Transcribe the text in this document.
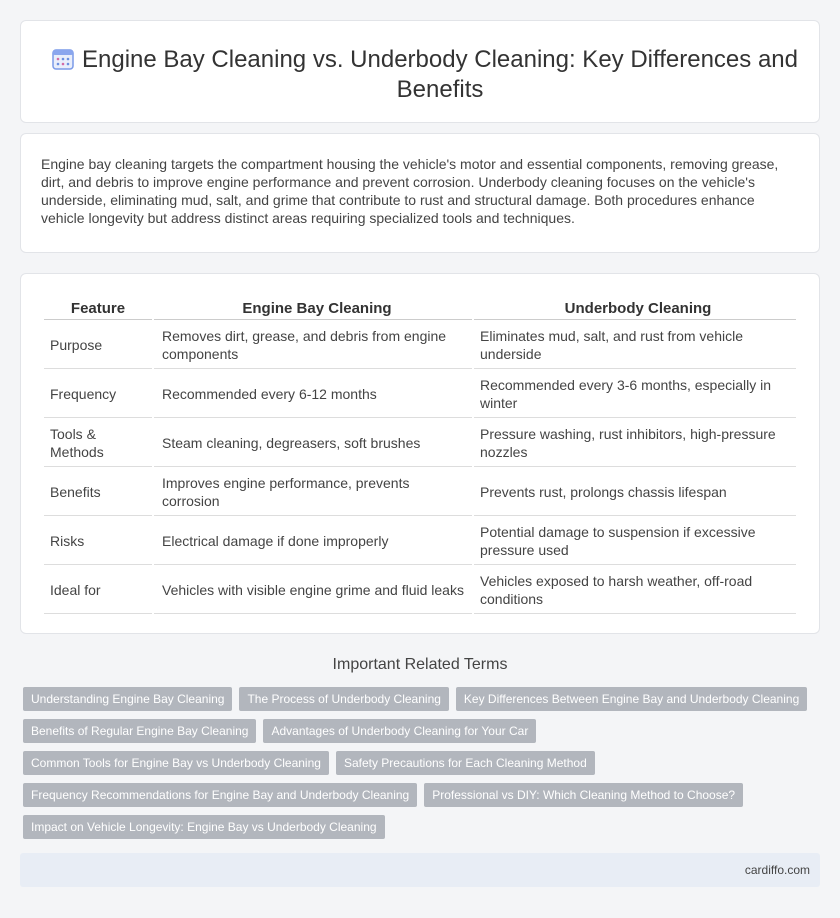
Engine Bay Cleaning vs. Underbody Cleaning: Key Differences and Benefits

Engine bay cleaning targets the compartment housing the vehicle's motor and essential components, removing grease, dirt, and debris to improve engine performance and prevent corrosion. Underbody cleaning focuses on the vehicle's underside, eliminating mud, salt, and grime that contribute to rust and structural damage. Both procedures enhance vehicle longevity but address distinct areas requiring specialized tools and techniques.

Feature	Engine Bay Cleaning	Underbody Cleaning
Purpose	Removes dirt, grease, and debris from engine components	Eliminates mud, salt, and rust from vehicle underside
Frequency	Recommended every 6-12 months	Recommended every 3-6 months, especially in winter
Tools & Methods	Steam cleaning, degreasers, soft brushes	Pressure washing, rust inhibitors, high-pressure nozzles
Benefits	Improves engine performance, prevents corrosion	Prevents rust, prolongs chassis lifespan
Risks	Electrical damage if done improperly	Potential damage to suspension if excessive pressure used
Ideal for	Vehicles with visible engine grime and fluid leaks	Vehicles exposed to harsh weather, off-road conditions
Important Related Terms
Understanding Engine Bay Cleaning	The Process of Underbody Cleaning	Key Differences Between Engine Bay and Underbody Cleaning
Benefits of Regular Engine Bay Cleaning	Advantages of Underbody Cleaning for Your Car
Common Tools for Engine Bay vs Underbody Cleaning	Safety Precautions for Each Cleaning Method
Frequency Recommendations for Engine Bay and Underbody Cleaning	Professional vs DIY: Which Cleaning Method to Choose?
Impact on Vehicle Longevity: Engine Bay vs Underbody Cleaning
cardiffo.com
